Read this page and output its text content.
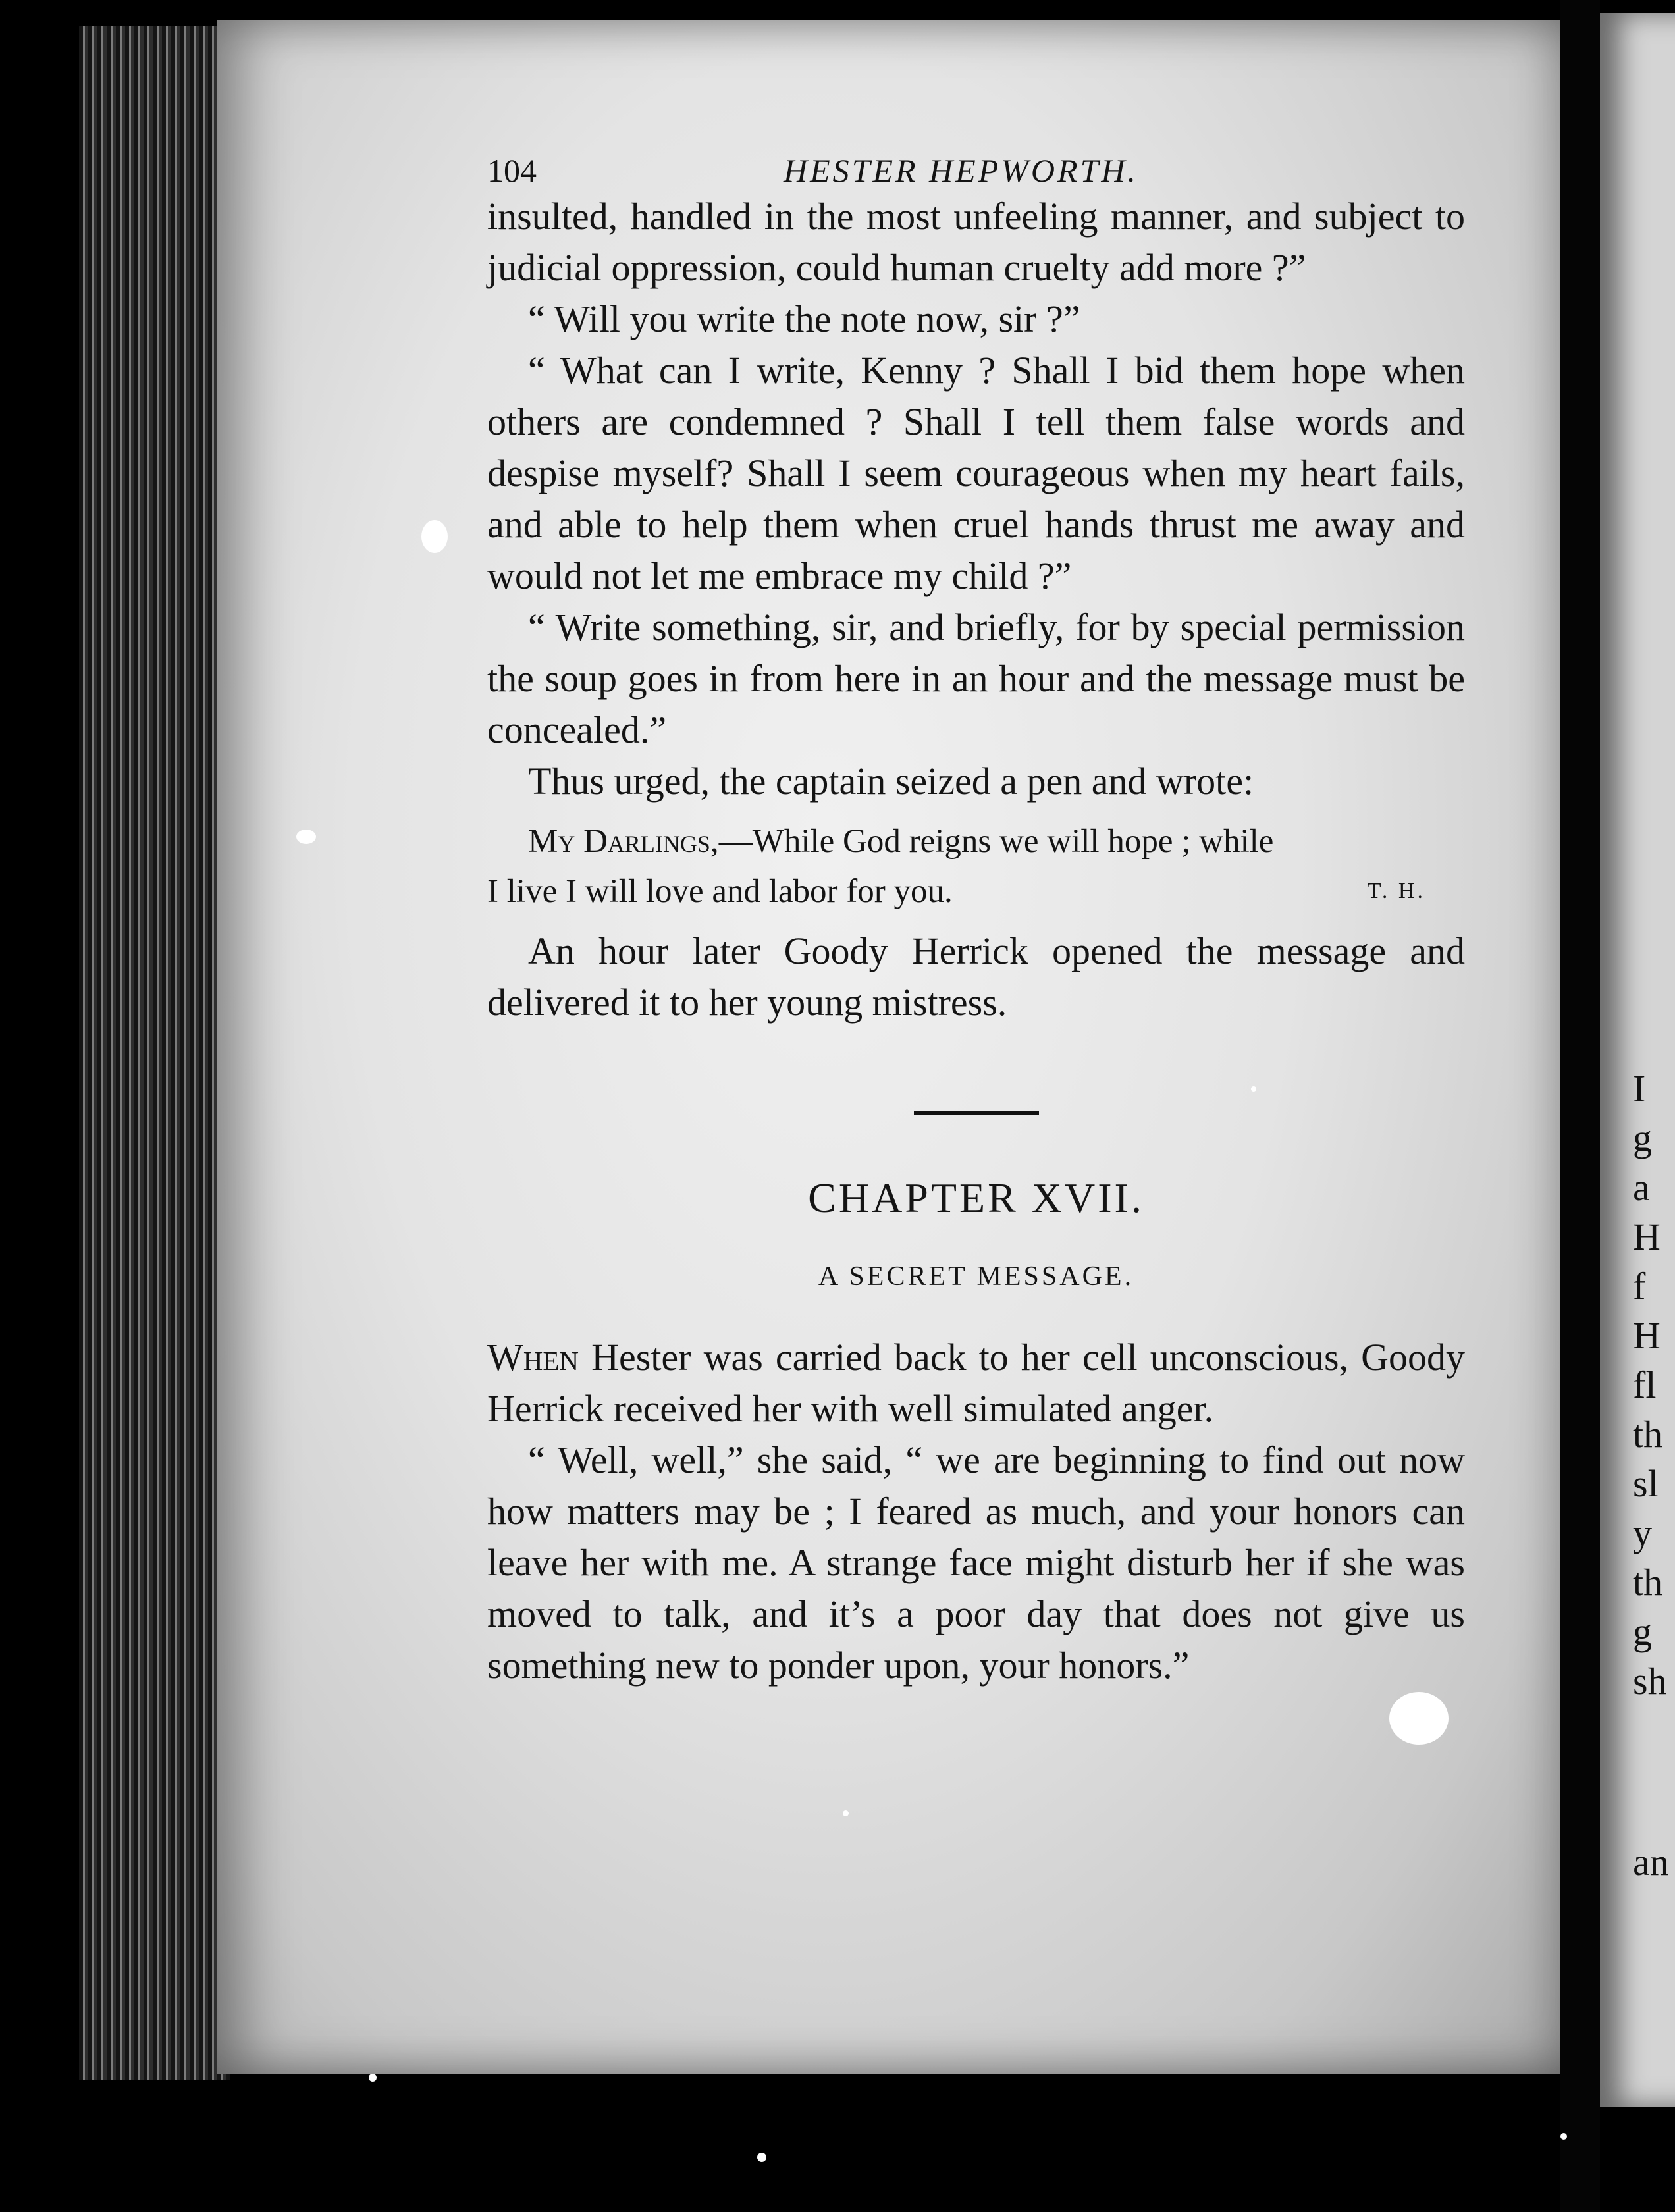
I
g
a
H
f
H
fl
th
sl
y
th
g
sh
an
104	HESTER HEPWORTH.

insulted, handled in the most unfeeling manner, and subject to judicial oppression, could human cruelty add more ?”

“ Will you write the note now, sir ?”

“ What can I write, Kenny ? Shall I bid them hope when others are condemned ? Shall I tell them false words and despise myself? Shall I seem courageous when my heart fails, and able to help them when cruel hands thrust me away and would not let me embrace my child ?”

“ Write something, sir, and briefly, for by special permission the soup goes in from here in an hour and the message must be concealed.”

Thus urged, the captain seized a pen and wrote:

My Darlings,—While God reigns we will hope ; while
I live I will love and labor for you.	T. H.

An hour later Goody Herrick opened the message and delivered it to her young mistress.

CHAPTER XVII.
A SECRET MESSAGE.

When Hester was carried back to her cell unconscious, Goody Herrick received her with well simulated anger.

“ Well, well,” she said, “ we are beginning to find out now how matters may be ; I feared as much, and your honors can leave her with me. A strange face might disturb her if she was moved to talk, and it’s a poor day that does not give us something new to ponder upon, your honors.”
